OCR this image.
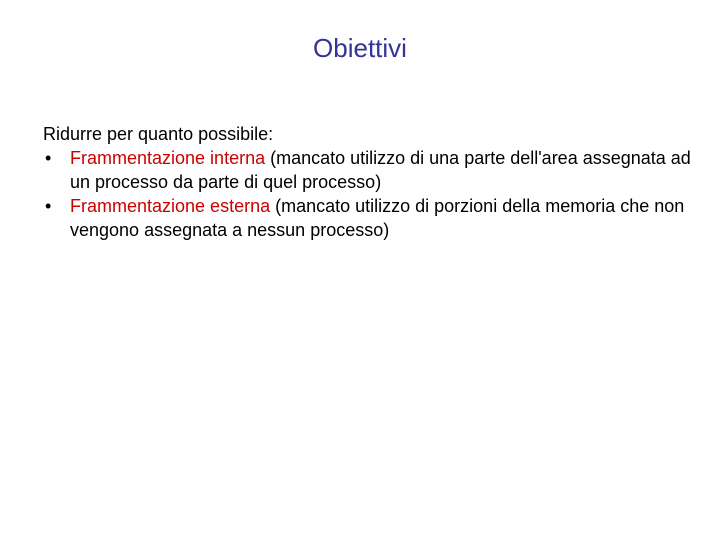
Obiettivi

Ridurre per quanto possibile:

• Frammentazione interna (mancato utilizzo di una parte dell'area assegnata ad un processo da parte di quel processo)
• Frammentazione esterna (mancato utilizzo di porzioni della memoria che non vengono assegnata a nessun processo)
